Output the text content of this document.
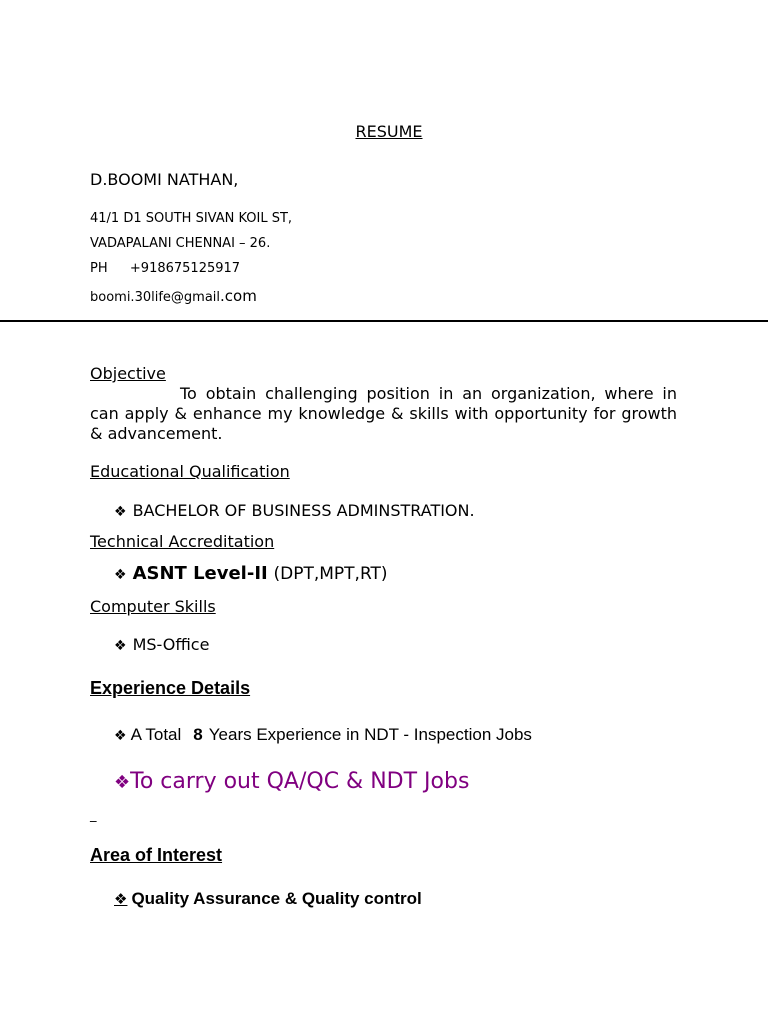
RESUME
D.BOOMI NATHAN,
41/1 D1 SOUTH SIVAN KOIL ST,
VADAPALANI CHENNAI – 26.
PH +918675125917
boomi.30life@gmail.com
Objective
To obtain challenging position in an organization, where in can apply & enhance my knowledge & skills with opportunity for growth & advancement.
Educational Qualification
❖ BACHELOR OF BUSINESS ADMINSTRATION.
Technical Accreditation
❖ ASNT Level-II (DPT,MPT,RT)
Computer Skills
❖ MS-Office
Experience Details
❖ A Total 8 Years Experience in NDT - Inspection Jobs
❖To carry out QA/QC & NDT Jobs
_
Area of Interest
❖ Quality Assurance & Quality control
